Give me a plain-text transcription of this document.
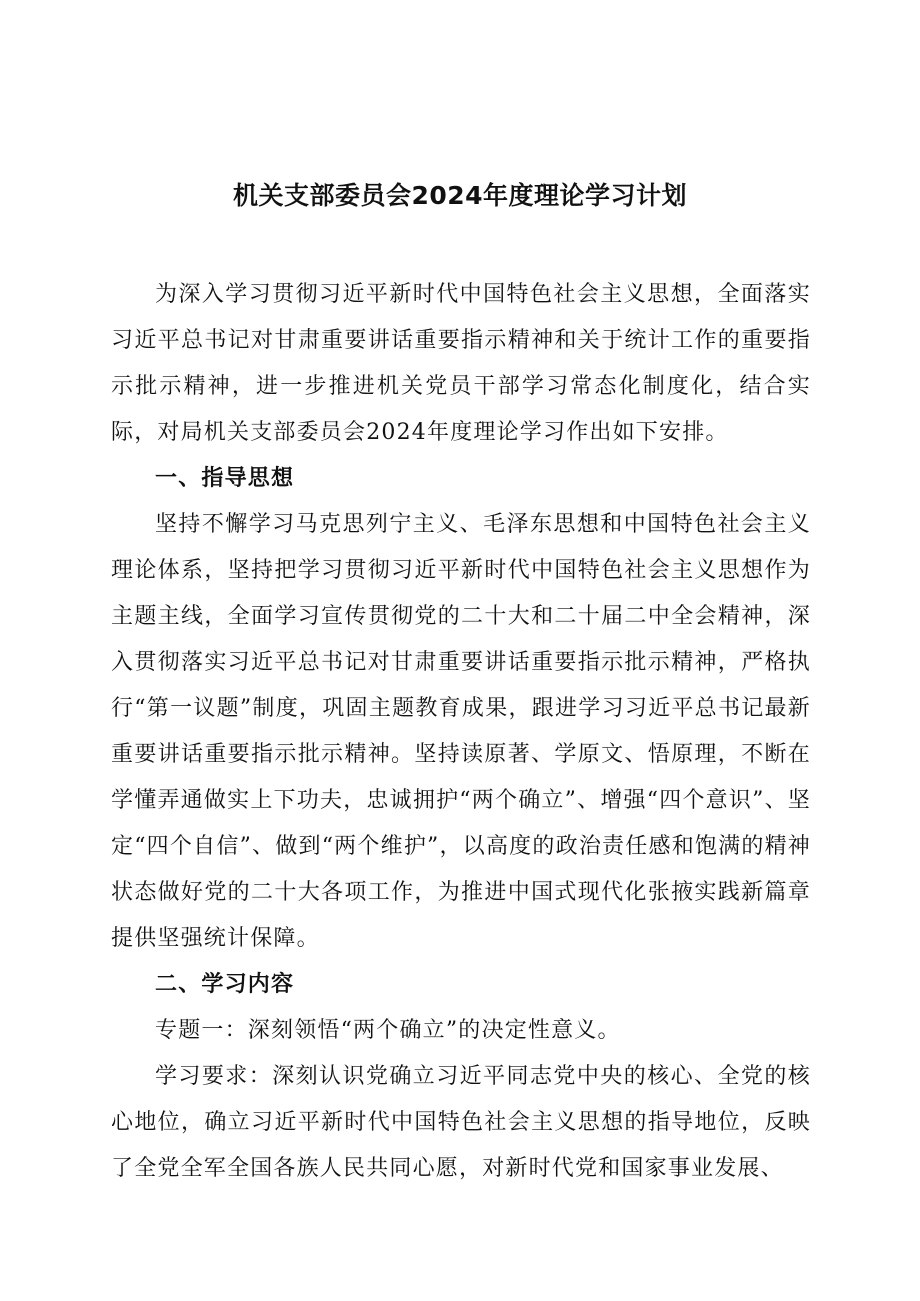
机关支部委员会2024年度理论学习计划

为深入学习贯彻习近平新时代中国特色社会主义思想，全面落实习近平总书记对甘肃重要讲话重要指示精神和关于统计工作的重要指示批示精神，进一步推进机关党员干部学习常态化制度化，结合实际，对局机关支部委员会2024年度理论学习作出如下安排。

一、指导思想

坚持不懈学习马克思列宁主义、毛泽东思想和中国特色社会主义理论体系，坚持把学习贯彻习近平新时代中国特色社会主义思想作为主题主线，全面学习宣传贯彻党的二十大和二十届二中全会精神，深入贯彻落实习近平总书记对甘肃重要讲话重要指示批示精神，严格执行“第一议题”制度，巩固主题教育成果，跟进学习习近平总书记最新重要讲话重要指示批示精神。坚持读原著、学原文、悟原理，不断在学懂弄通做实上下功夫，忠诚拥护“两个确立”、增强“四个意识”、坚定“四个自信”、做到“两个维护”，以高度的政治责任感和饱满的精神状态做好党的二十大各项工作，为推进中国式现代化张掖实践新篇章提供坚强统计保障。

二、学习内容

专题一：深刻领悟“两个确立”的决定性意义。

学习要求：深刻认识党确立习近平同志党中央的核心、全党的核心地位，确立习近平新时代中国特色社会主义思想的指导地位，反映了全党全军全国各族人民共同心愿，对新时代党和国家事业发展、
